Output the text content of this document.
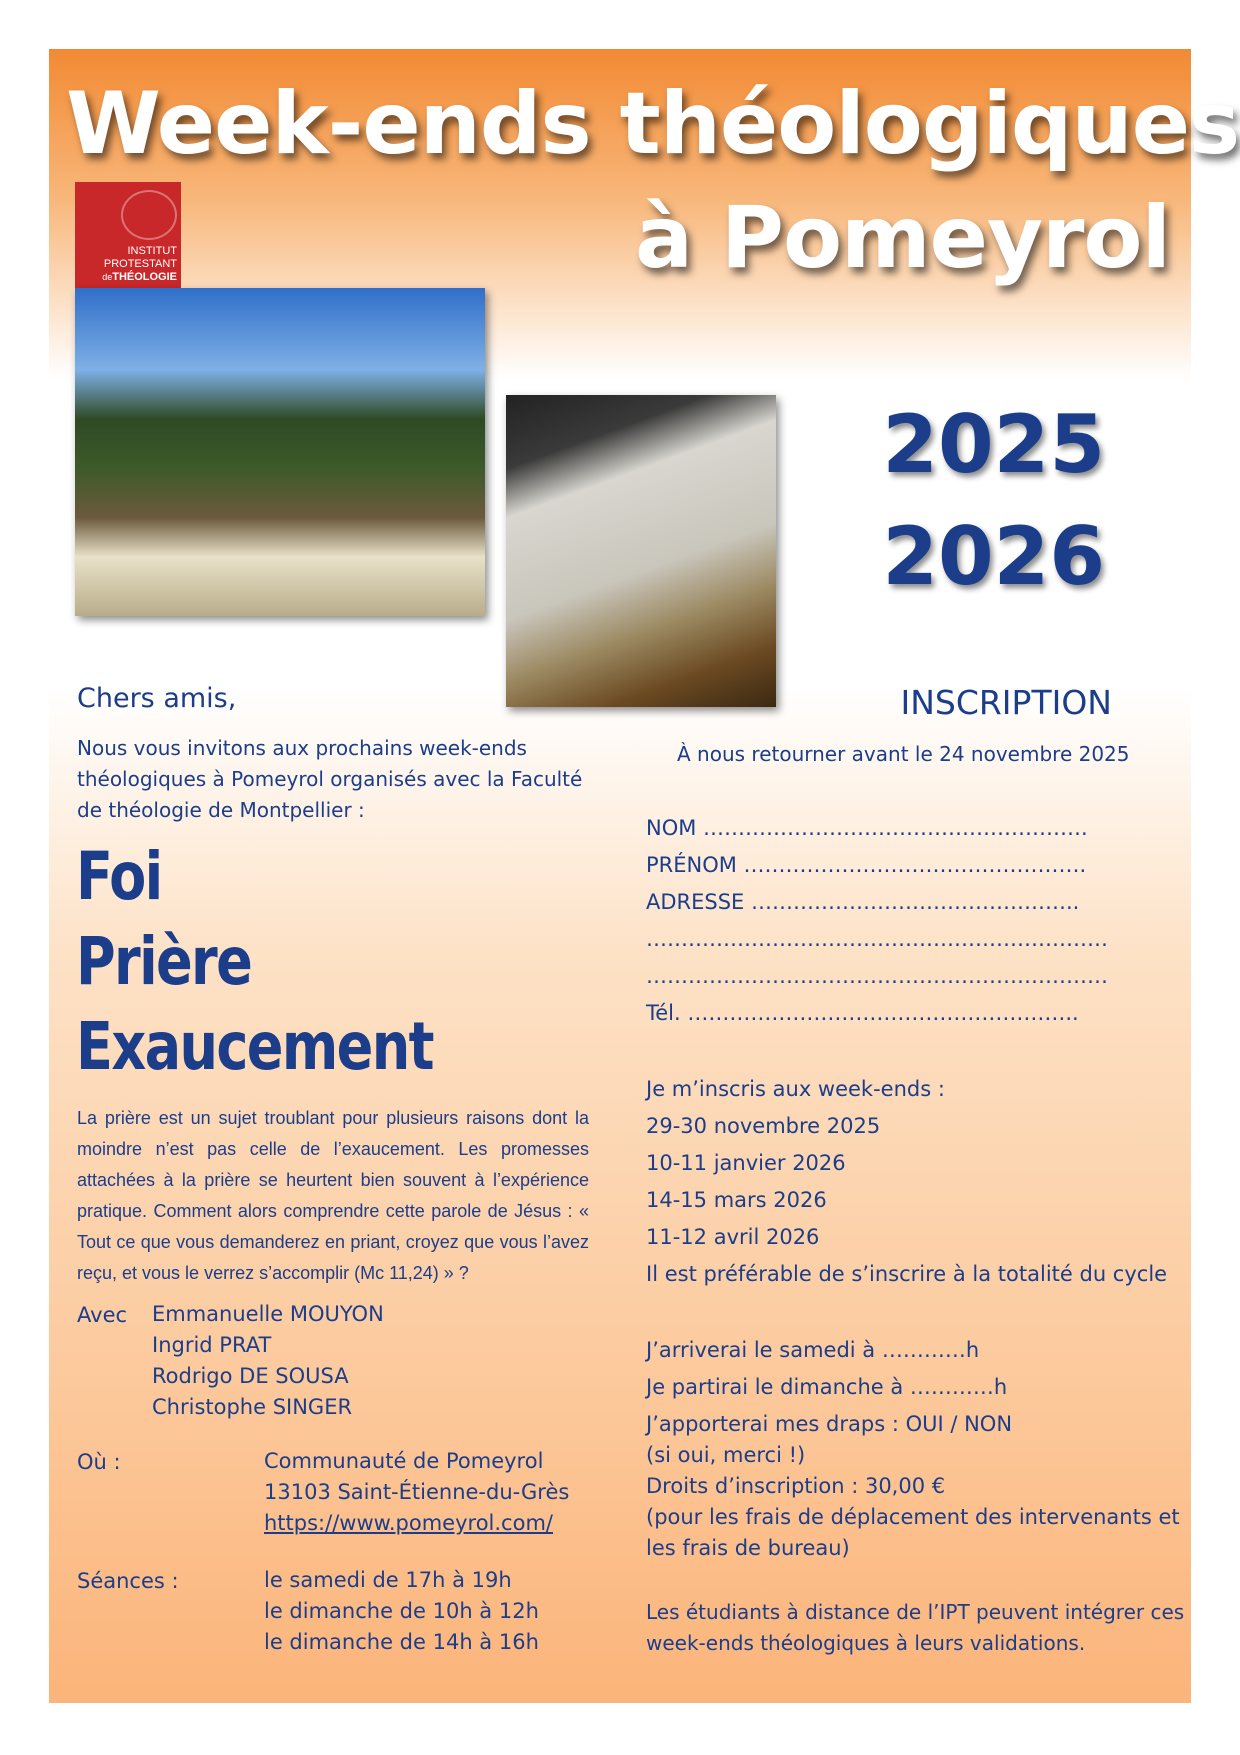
Week-ends théologiques
à Pomeyrol
INSTITUT
PROTESTANT
deTHÉOLOGIE
2025
2026
Chers amis,
Nous vous invitons aux prochains week-ends
théologiques à Pomeyrol organisés avec la Faculté
de théologie de Montpellier :
Foi
Prière
Exaucement
La prière est un sujet troublant pour plusieurs raisons dont la moindre n’est pas celle de l’exaucement. Les promesses attachées à la prière se heurtent bien souvent à l’expérience pratique. Comment alors comprendre cette parole de Jésus : « Tout ce que vous demanderez en priant, croyez que vous l’avez reçu, et vous le verrez s’accomplir (Mc 11,24) » ?
Avec Emmanuelle MOUYON
Ingrid PRAT
Rodrigo DE SOUSA
Christophe SINGER
Où :	Communauté de Pomeyrol
13103 Saint-Étienne-du-Grès
https://www.pomeyrol.com/
Séances :	le samedi de 17h à 19h
le dimanche de 10h à 12h
le dimanche de 14h à 16h
INSCRIPTION
À nous retourner avant le 24 novembre 2025
NOM ……………………………………………….
PRÉNOM ………………………………………….
ADRESSE ………………………………………..
…………………………………………………………
…………………………………………………………
Tél. ………………………………………………..
Je m’inscris aux week-ends :
29-30 novembre 2025
10-11 janvier 2026
14-15 mars 2026
11-12 avril 2026
Il est préférable de s’inscrire à la totalité du cycle
J’arriverai le samedi à …………h
Je partirai le dimanche à …………h
J’apporterai mes draps : OUI / NON
(si oui, merci !)
Droits d’inscription : 30,00 €
(pour les frais de déplacement des intervenants et
les frais de bureau)
Les étudiants à distance de l’IPT peuvent intégrer ces
week-ends théologiques à leurs validations.
